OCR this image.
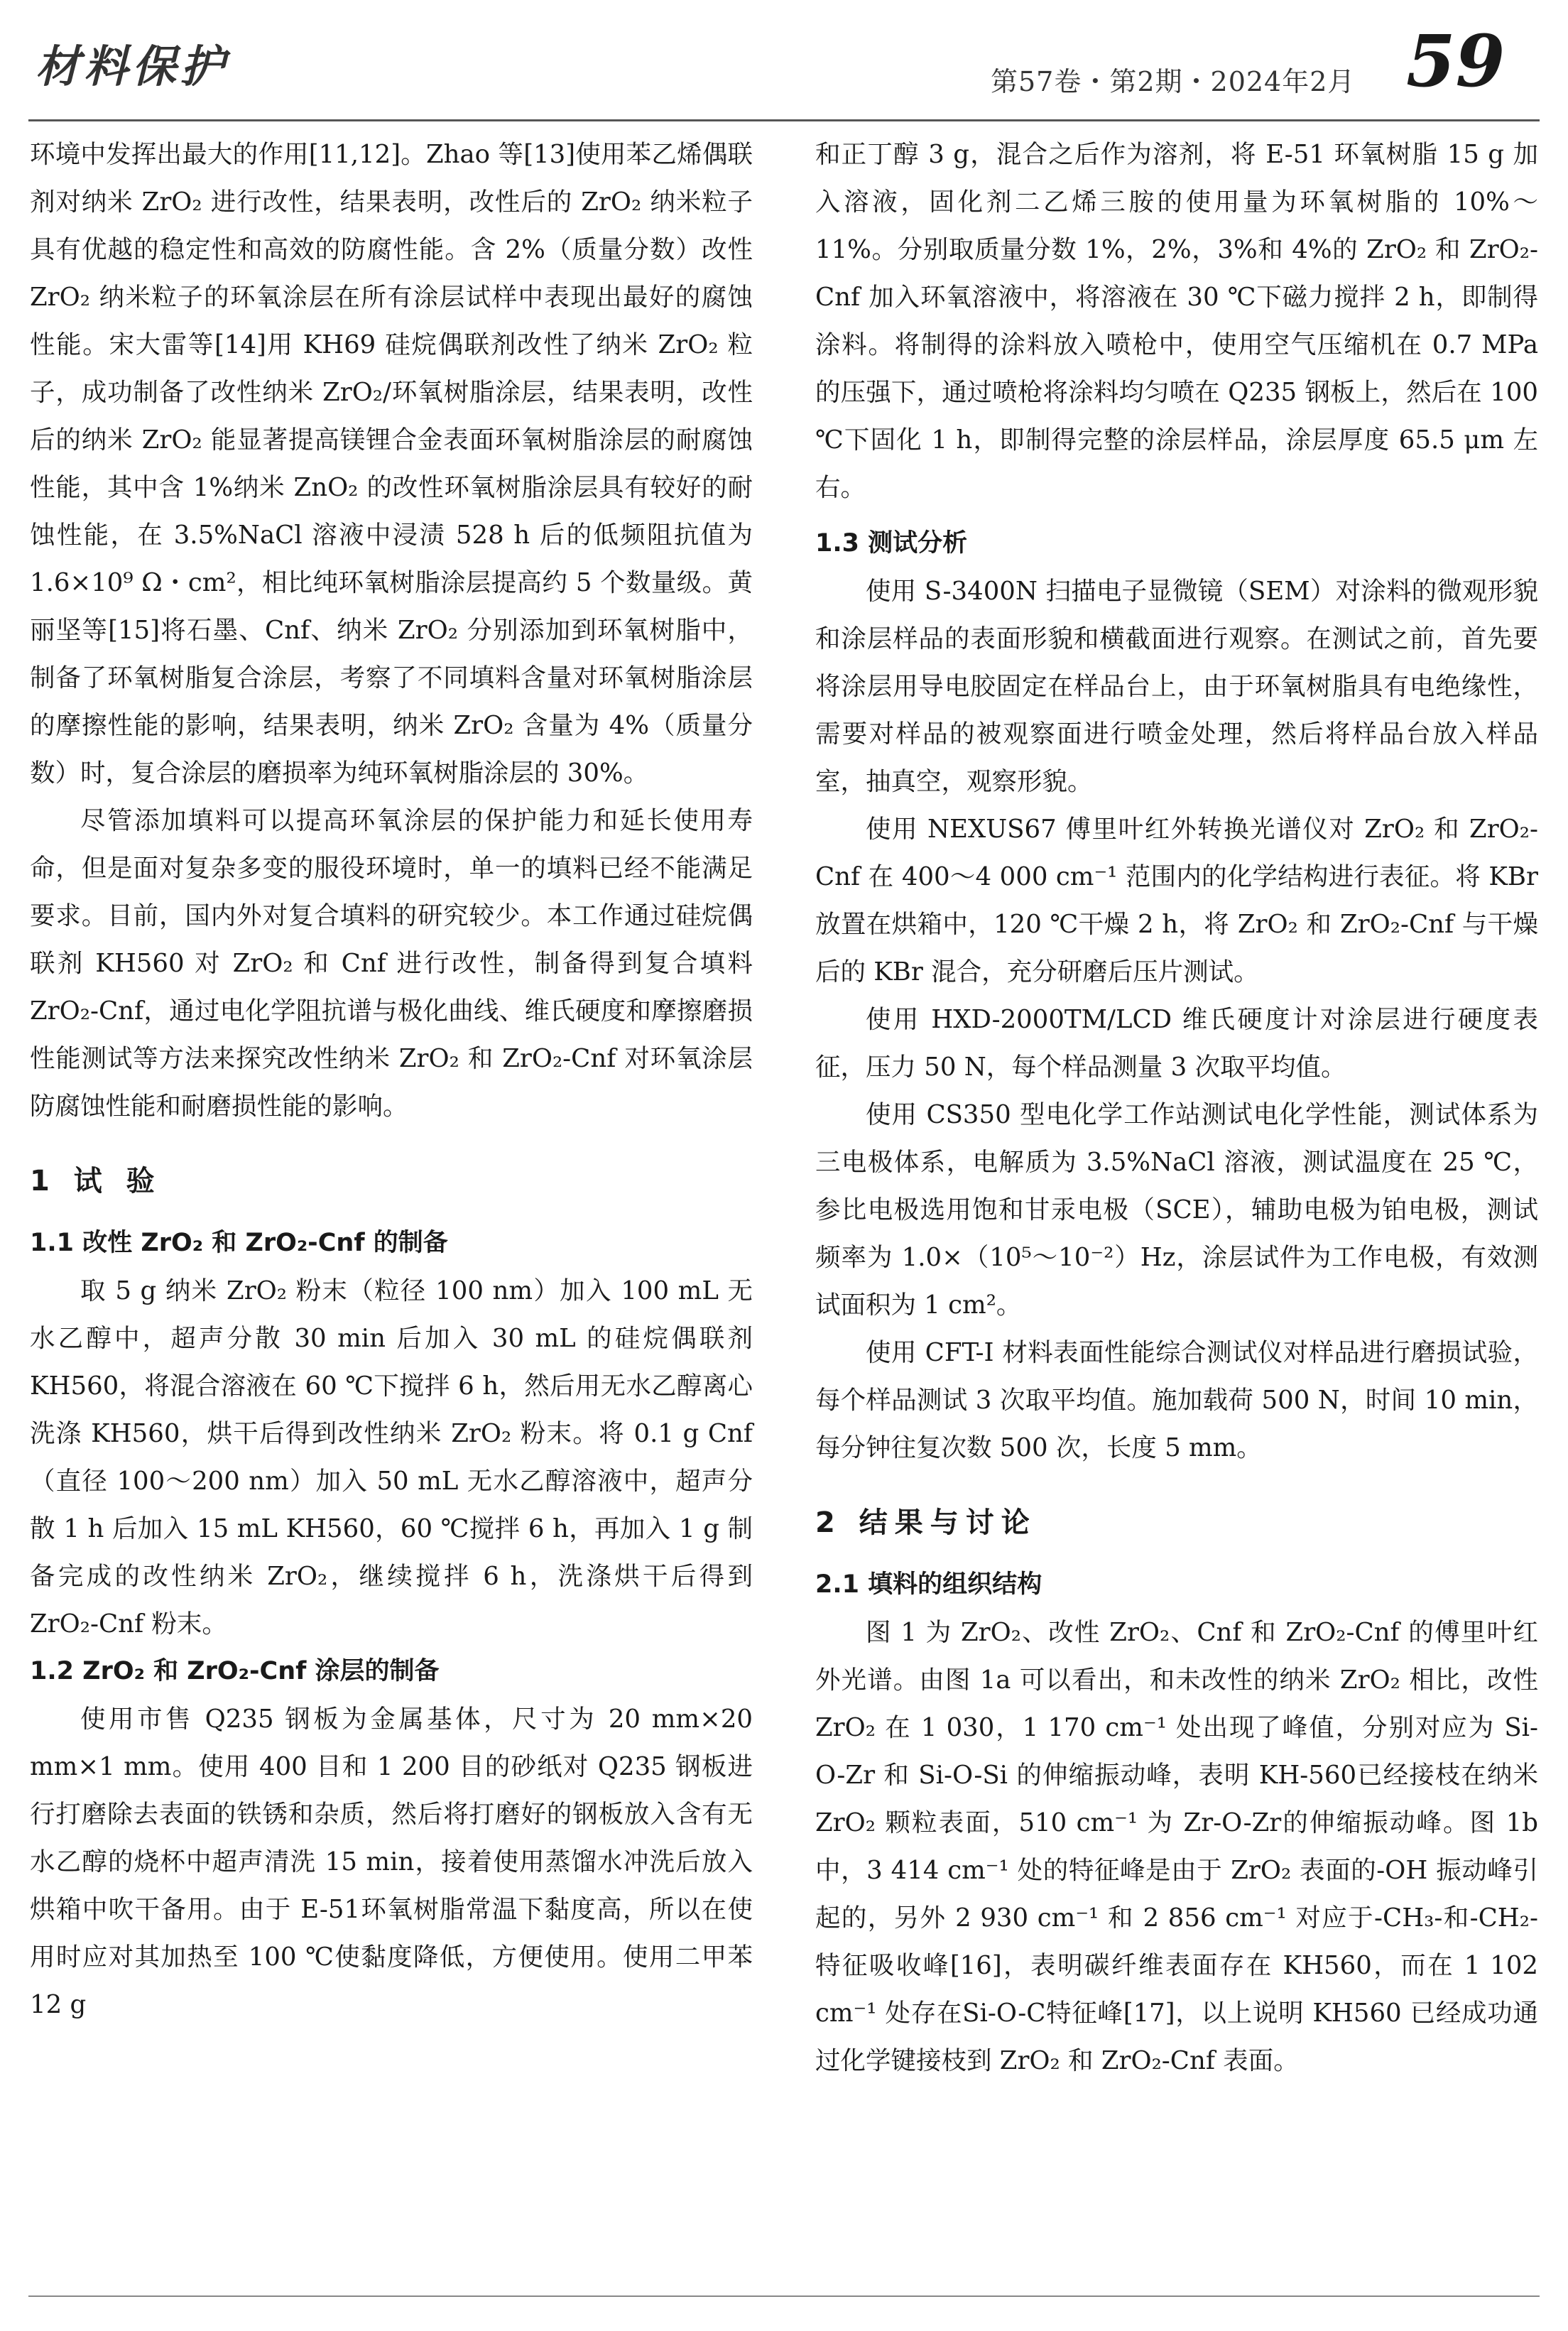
材料保护	第57卷・第2期・2024年2月 59

环境中发挥出最大的作用[11,12]。Zhao 等[13]使用苯乙烯偶联剂对纳米 ZrO₂ 进行改性，结果表明，改性后的 ZrO₂ 纳米粒子具有优越的稳定性和高效的防腐性能。含 2%（质量分数）改性 ZrO₂ 纳米粒子的环氧涂层在所有涂层试样中表现出最好的腐蚀性能。宋大雷等[14]用 KH69 硅烷偶联剂改性了纳米 ZrO₂ 粒子，成功制备了改性纳米 ZrO₂/环氧树脂涂层，结果表明，改性后的纳米 ZrO₂ 能显著提高镁锂合金表面环氧树脂涂层的耐腐蚀性能，其中含 1%纳米 ZnO₂ 的改性环氧树脂涂层具有较好的耐蚀性能，在 3.5%NaCl 溶液中浸渍 528 h 后的低频阻抗值为 1.6×10⁹ Ω・cm²，相比纯环氧树脂涂层提高约 5 个数量级。黄丽坚等[15]将石墨、Cnf、纳米 ZrO₂ 分别添加到环氧树脂中，制备了环氧树脂复合涂层，考察了不同填料含量对环氧树脂涂层的摩擦性能的影响，结果表明，纳米 ZrO₂ 含量为 4%（质量分数）时，复合涂层的磨损率为纯环氧树脂涂层的 30%。

尽管添加填料可以提高环氧涂层的保护能力和延长使用寿命，但是面对复杂多变的服役环境时，单一的填料已经不能满足要求。目前，国内外对复合填料的研究较少。本工作通过硅烷偶联剂 KH560 对 ZrO₂ 和 Cnf 进行改性，制备得到复合填料 ZrO₂-Cnf，通过电化学阻抗谱与极化曲线、维氏硬度和摩擦磨损性能测试等方法来探究改性纳米 ZrO₂ 和 ZrO₂-Cnf 对环氧涂层防腐蚀性能和耐磨损性能的影响。

1 试 验
1.1 改性 ZrO₂ 和 ZrO₂-Cnf 的制备

取 5 g 纳米 ZrO₂ 粉末（粒径 100 nm）加入 100 mL 无水乙醇中，超声分散 30 min 后加入 30 mL 的硅烷偶联剂 KH560，将混合溶液在 60 ℃下搅拌 6 h，然后用无水乙醇离心洗涤 KH560，烘干后得到改性纳米 ZrO₂ 粉末。将 0.1 g Cnf（直径 100～200 nm）加入 50 mL 无水乙醇溶液中，超声分散 1 h 后加入 15 mL KH560，60 ℃搅拌 6 h，再加入 1 g 制备完成的改性纳米 ZrO₂，继续搅拌 6 h，洗涤烘干后得到 ZrO₂-Cnf 粉末。

1.2 ZrO₂ 和 ZrO₂-Cnf 涂层的制备

使用市售 Q235 钢板为金属基体，尺寸为 20 mm×20 mm×1 mm。使用 400 目和 1 200 目的砂纸对 Q235 钢板进行打磨除去表面的铁锈和杂质，然后将打磨好的钢板放入含有无水乙醇的烧杯中超声清洗 15 min，接着使用蒸馏水冲洗后放入烘箱中吹干备用。由于 E-51环氧树脂常温下黏度高，所以在使用时应对其加热至 100 ℃使黏度降低，方便使用。使用二甲苯 12 g

和正丁醇 3 g，混合之后作为溶剂，将 E-51 环氧树脂 15 g 加入溶液，固化剂二乙烯三胺的使用量为环氧树脂的 10%～11%。分别取质量分数 1%，2%，3%和 4%的 ZrO₂ 和 ZrO₂-Cnf 加入环氧溶液中，将溶液在 30 ℃下磁力搅拌 2 h，即制得涂料。将制得的涂料放入喷枪中，使用空气压缩机在 0.7 MPa 的压强下，通过喷枪将涂料均匀喷在 Q235 钢板上，然后在 100 ℃下固化 1 h，即制得完整的涂层样品，涂层厚度 65.5 μm 左右。

1.3 测试分析

使用 S-3400N 扫描电子显微镜（SEM）对涂料的微观形貌和涂层样品的表面形貌和横截面进行观察。在测试之前，首先要将涂层用导电胶固定在样品台上，由于环氧树脂具有电绝缘性，需要对样品的被观察面进行喷金处理，然后将样品台放入样品室，抽真空，观察形貌。

使用 NEXUS67 傅里叶红外转换光谱仪对 ZrO₂ 和 ZrO₂-Cnf 在 400～4 000 cm⁻¹ 范围内的化学结构进行表征。将 KBr 放置在烘箱中，120 ℃干燥 2 h，将 ZrO₂ 和 ZrO₂-Cnf 与干燥后的 KBr 混合，充分研磨后压片测试。

使用 HXD-2000TM/LCD 维氏硬度计对涂层进行硬度表征，压力 50 N，每个样品测量 3 次取平均值。

使用 CS350 型电化学工作站测试电化学性能，测试体系为三电极体系，电解质为 3.5%NaCl 溶液，测试温度在 25 ℃，参比电极选用饱和甘汞电极（SCE），辅助电极为铂电极，测试频率为 1.0×（10⁵～10⁻²）Hz，涂层试件为工作电极，有效测试面积为 1 cm²。

使用 CFT-I 材料表面性能综合测试仪对样品进行磨损试验，每个样品测试 3 次取平均值。施加载荷 500 N，时间 10 min，每分钟往复次数 500 次，长度 5 mm。

2 结果与讨论
2.1 填料的组织结构

图 1 为 ZrO₂、改性 ZrO₂、Cnf 和 ZrO₂-Cnf 的傅里叶红外光谱。由图 1a 可以看出，和未改性的纳米 ZrO₂ 相比，改性 ZrO₂ 在 1 030，1 170 cm⁻¹ 处出现了峰值，分别对应为 Si-O-Zr 和 Si-O-Si 的伸缩振动峰，表明 KH-560已经接枝在纳米 ZrO₂ 颗粒表面，510 cm⁻¹ 为 Zr-O-Zr的伸缩振动峰。图 1b 中，3 414 cm⁻¹ 处的特征峰是由于 ZrO₂ 表面的-OH 振动峰引起的，另外 2 930 cm⁻¹ 和 2 856 cm⁻¹ 对应于-CH₃-和-CH₂-特征吸收峰[16]，表明碳纤维表面存在 KH560，而在 1 102 cm⁻¹ 处存在Si-O-C特征峰[17]，以上说明 KH560 已经成功通过化学键接枝到 ZrO₂ 和 ZrO₂-Cnf 表面。
